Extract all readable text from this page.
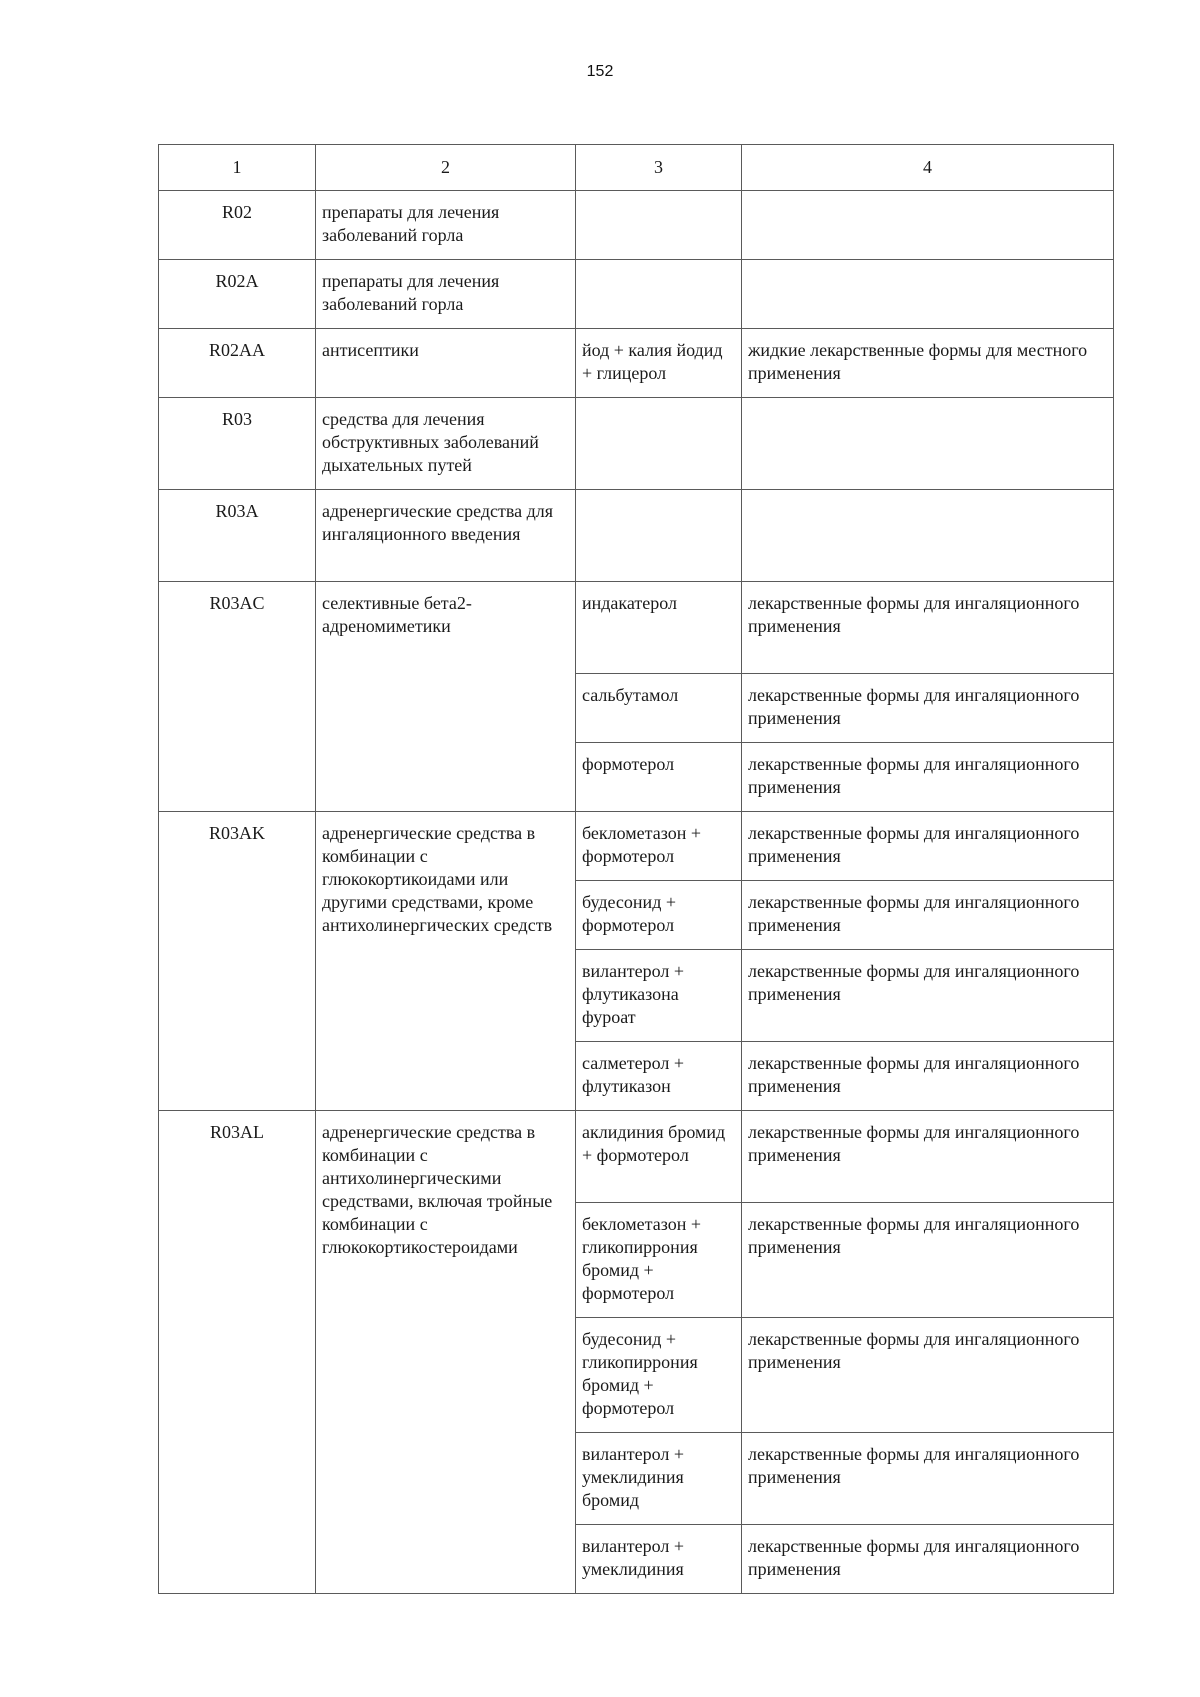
152
1	2	3	4
R02	препараты для лечения заболеваний горла		
R02A	препараты для лечения заболеваний горла		
R02AA	антисептики	йод + калия йодид + глицерол	жидкие лекарственные формы для местного применения
R03	средства для лечения обструктивных заболеваний дыхательных путей		
R03A	адренергические средства для ингаляционного введения		
R03AC	селективные бета2-адреномиметики	индакатерол	лекарственные формы для ингаляционного применения
		сальбутамол	лекарственные формы для ингаляционного применения
		формотерол	лекарственные формы для ингаляционного применения
R03AK	адренергические средства в комбинации с глюкокортикоидами или другими средствами, кроме антихолинергических средств	беклометазон + формотерол	лекарственные формы для ингаляционного применения
		будесонид + формотерол	лекарственные формы для ингаляционного применения
		вилантерол + флутиказона фуроат	лекарственные формы для ингаляционного применения
		салметерол + флутиказон	лекарственные формы для ингаляционного применения
R03AL	адренергические средства в комбинации с антихолинергическими средствами, включая тройные комбинации с глюкокортикостероидами	аклидиния бромид + формотерол	лекарственные формы для ингаляционного применения
		беклометазон + гликопиррония бромид + формотерол	лекарственные формы для ингаляционного применения
		будесонид + гликопиррония бромид + формотерол	лекарственные формы для ингаляционного применения
		вилантерол + умеклидиния бромид	лекарственные формы для ингаляционного применения
		вилантерол + умеклидиния	лекарственные формы для ингаляционного применения
